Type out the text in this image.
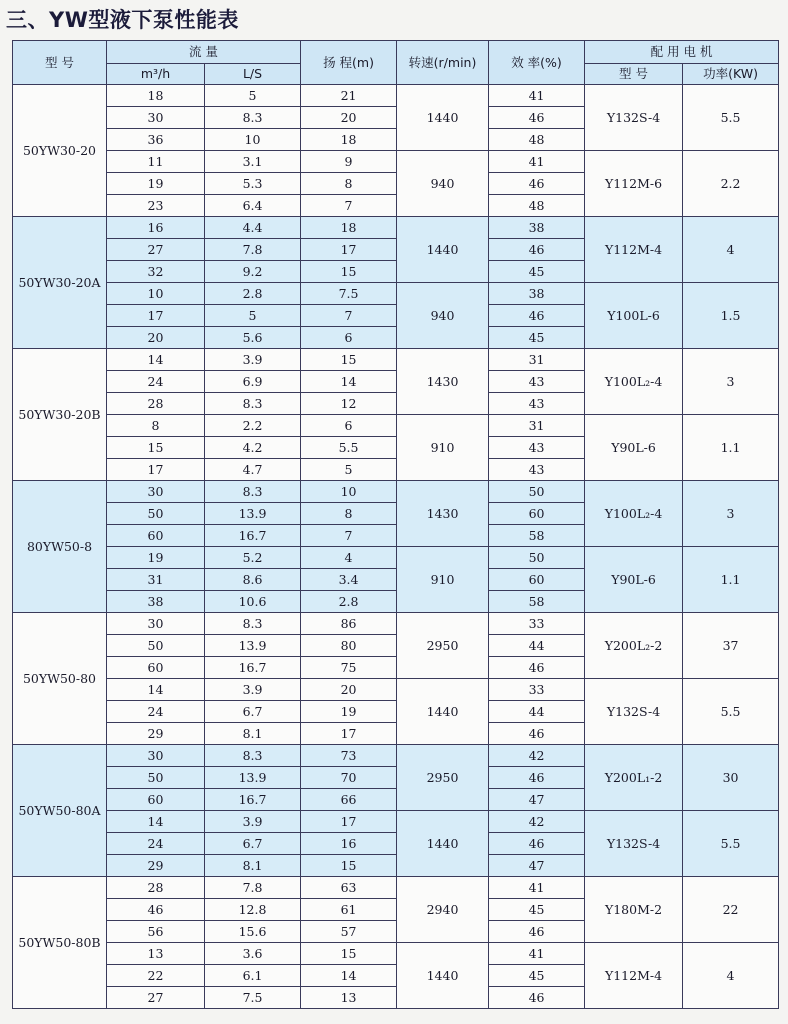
三、YW型液下泵性能表
型 号	流 量		扬 程(m)	转速(r/min)	效 率(%)	配 用 电 机	
	m³/h	L/S				型 号	功率(KW)
50YW30-20	18	5	21	1440	41	Y132S-4	5.5
	30	8.3	20		46		
	36	10	18		48		
	11	3.1	9	940	41	Y112M-6	2.2
	19	5.3	8		46		
	23	6.4	7		48		
50YW30-20A	16	4.4	18	1440	38	Y112M-4	4
	27	7.8	17		46		
	32	9.2	15		45		
	10	2.8	7.5	940	38	Y100L-6	1.5
	17	5	7		46		
	20	5.6	6		45		
50YW30-20B	14	3.9	15	1430	31	Y100L₂-4	3
	24	6.9	14		43		
	28	8.3	12		43		
	8	2.2	6	910	31	Y90L-6	1.1
	15	4.2	5.5		43		
	17	4.7	5		43		
80YW50-8	30	8.3	10	1430	50	Y100L₂-4	3
	50	13.9	8		60		
	60	16.7	7		58		
	19	5.2	4	910	50	Y90L-6	1.1
	31	8.6	3.4		60		
	38	10.6	2.8		58		
50YW50-80	30	8.3	86	2950	33	Y200L₂-2	37
	50	13.9	80		44		
	60	16.7	75		46		
	14	3.9	20	1440	33	Y132S-4	5.5
	24	6.7	19		44		
	29	8.1	17		46		
50YW50-80A	30	8.3	73	2950	42	Y200L₁-2	30
	50	13.9	70		46		
	60	16.7	66		47		
	14	3.9	17	1440	42	Y132S-4	5.5
	24	6.7	16		46		
	29	8.1	15		47		
50YW50-80B	28	7.8	63	2940	41	Y180M-2	22
	46	12.8	61		45		
	56	15.6	57		46		
	13	3.6	15	1440	41	Y112M-4	4
	22	6.1	14		45		
	27	7.5	13		46		
